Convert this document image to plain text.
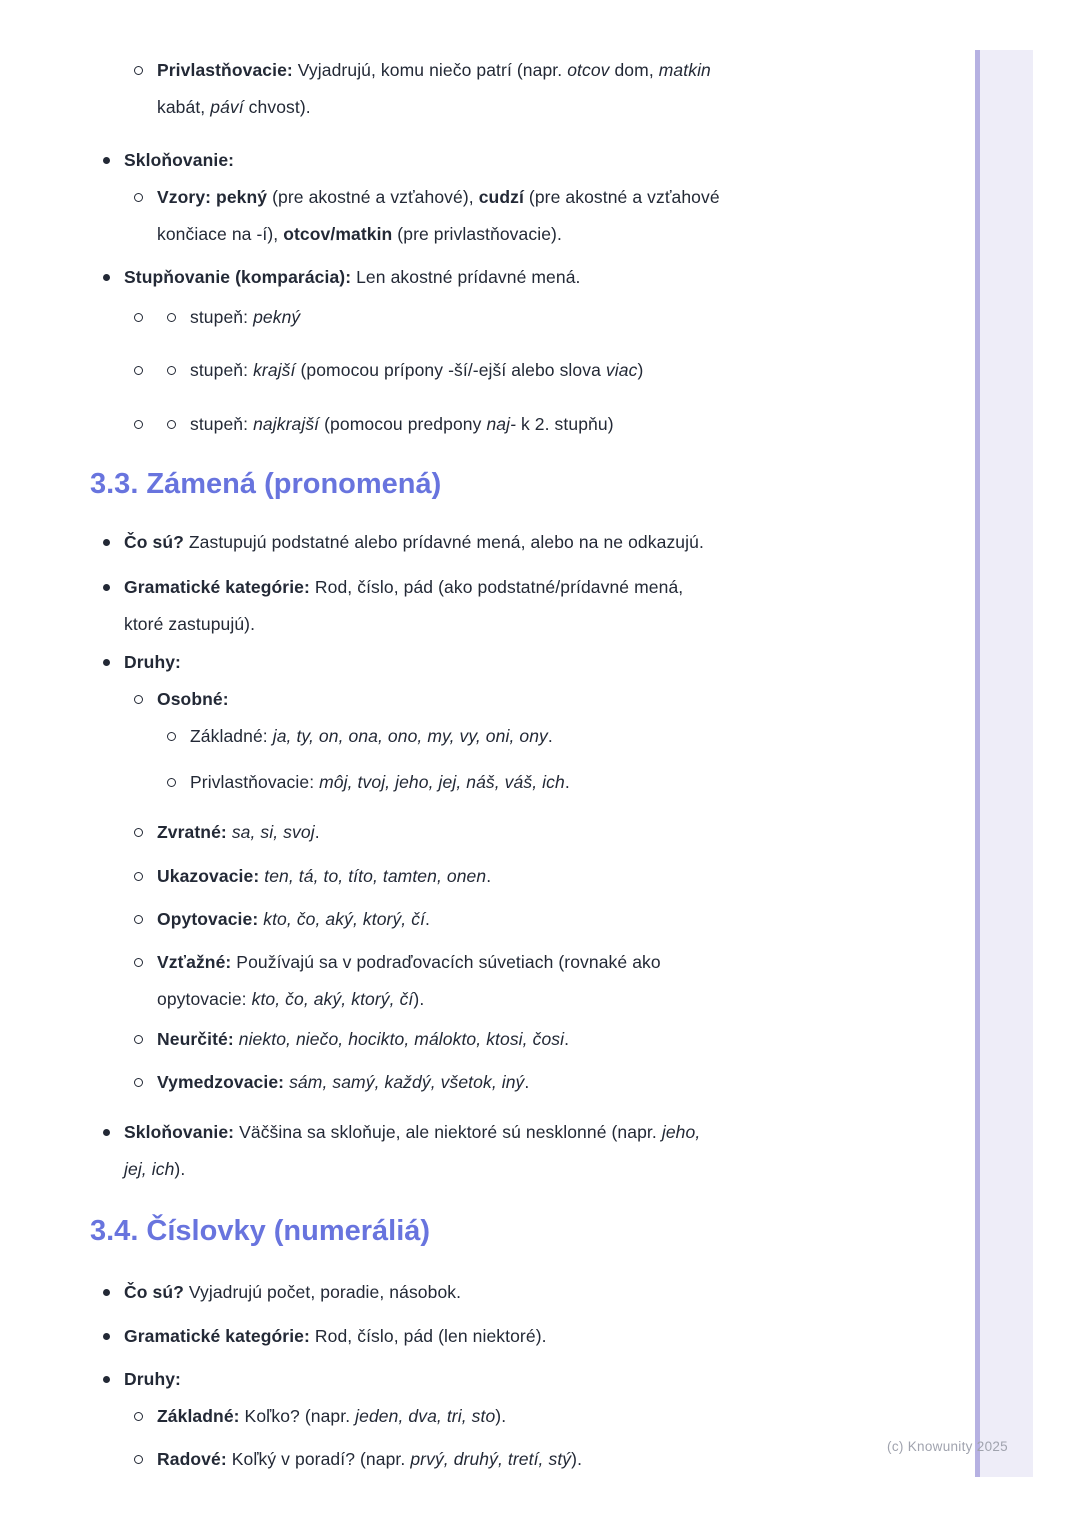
Privlastňovacie: Vyjadrujú, komu niečo patrí (napr. otcov dom, matkin
kabát, páví chvost).
Skloňovanie:
Vzory: pekný (pre akostné a vzťahové), cudzí (pre akostné a vzťahové
končiace na -í), otcov/matkin (pre privlastňovacie).
Stupňovanie (komparácia): Len akostné prídavné mená.
stupeň: pekný
stupeň: krajší (pomocou prípony -ší/-ejší alebo slova viac)
stupeň: najkrajší (pomocou predpony naj- k 2. stupňu)
3.3. Zámená (pronomená)
Čo sú? Zastupujú podstatné alebo prídavné mená, alebo na ne odkazujú.
Gramatické kategórie: Rod, číslo, pád (ako podstatné/prídavné mená,
ktoré zastupujú).
Druhy:
Osobné:
Základné: ja, ty, on, ona, ono, my, vy, oni, ony.
Privlastňovacie: môj, tvoj, jeho, jej, náš, váš, ich.
Zvratné: sa, si, svoj.
Ukazovacie: ten, tá, to, títo, tamten, onen.
Opytovacie: kto, čo, aký, ktorý, čí.
Vzťažné: Používajú sa v podraďovacích súvetiach (rovnaké ako
opytovacie: kto, čo, aký, ktorý, čí).
Neurčité: niekto, niečo, hocikto, málokto, ktosi, čosi.
Vymedzovacie: sám, samý, každý, všetok, iný.
Skloňovanie: Väčšina sa skloňuje, ale niektoré sú nesklonné (napr. jeho,
jej, ich).
3.4. Číslovky (numeráliá)
Čo sú? Vyjadrujú počet, poradie, násobok.
Gramatické kategórie: Rod, číslo, pád (len niektoré).
Druhy:
Základné: Koľko? (napr. jeden, dva, tri, sto).
Radové: Koľký v poradí? (napr. prvý, druhý, tretí, stý).
(c) Knowunity 2025
